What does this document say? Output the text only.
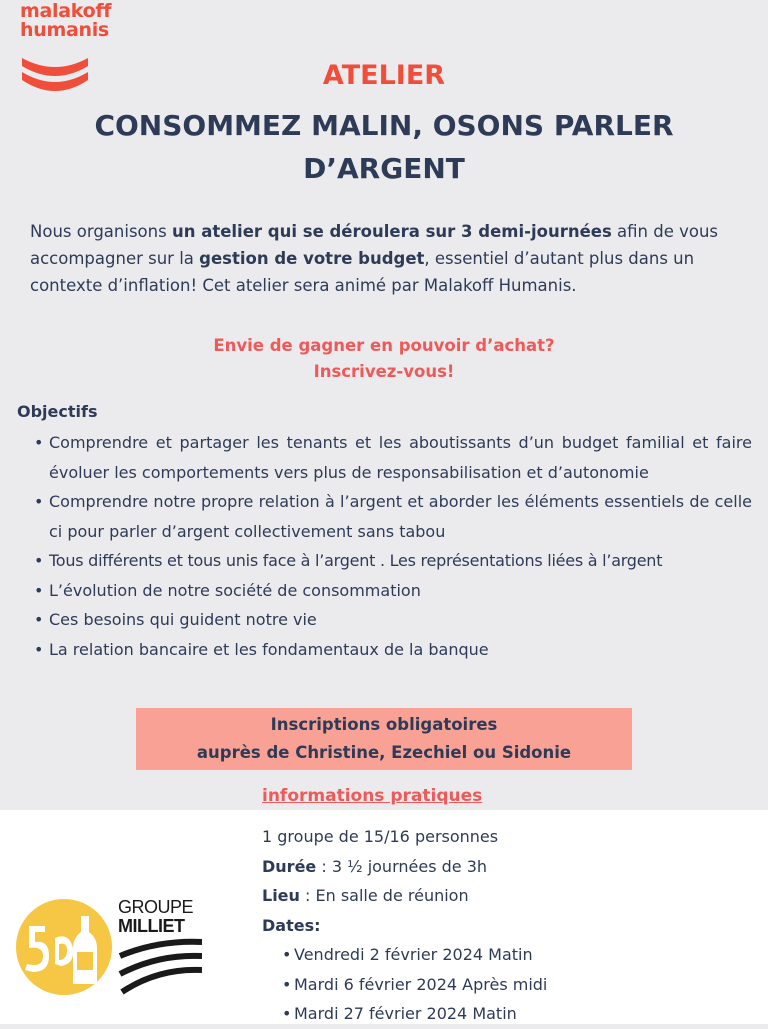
malakoff
humanis
ATELIER
CONSOMMEZ MALIN, OSONS PARLER
D’ARGENT
Nous organisons un atelier qui se déroulera sur 3 demi-journées afin de vous accompagner sur la gestion de votre budget, essentiel d’autant plus dans un contexte d’inflation! Cet atelier sera animé par Malakoff Humanis.
Envie de gagner en pouvoir d’achat?
Inscrivez-vous!
Objectifs
• Comprendre et partager les tenants et les aboutissants d’un budget familial et faire évoluer les comportements vers plus de responsabilisation et d’autonomie
• Comprendre notre propre relation à l’argent et aborder les éléments essentiels de celle ci pour parler d’argent collectivement sans tabou
• Tous différents et tous unis face à l’argent . Les représentations liées à l’argent
• L’évolution de notre société de consommation
• Ces besoins qui guident notre vie
• La relation bancaire et les fondamentaux de la banque
Inscriptions obligatoires
auprès de Christine, Ezechiel ou Sidonie
informations pratiques
1 groupe de 15/16 personnes
Durée : 3 ½ journées de 3h
Lieu : En salle de réunion
Dates:
• Vendredi 2 février 2024 Matin
• Mardi 6 février 2024 Après midi
• Mardi 27 février 2024 Matin
GROUPE
MILLIET
